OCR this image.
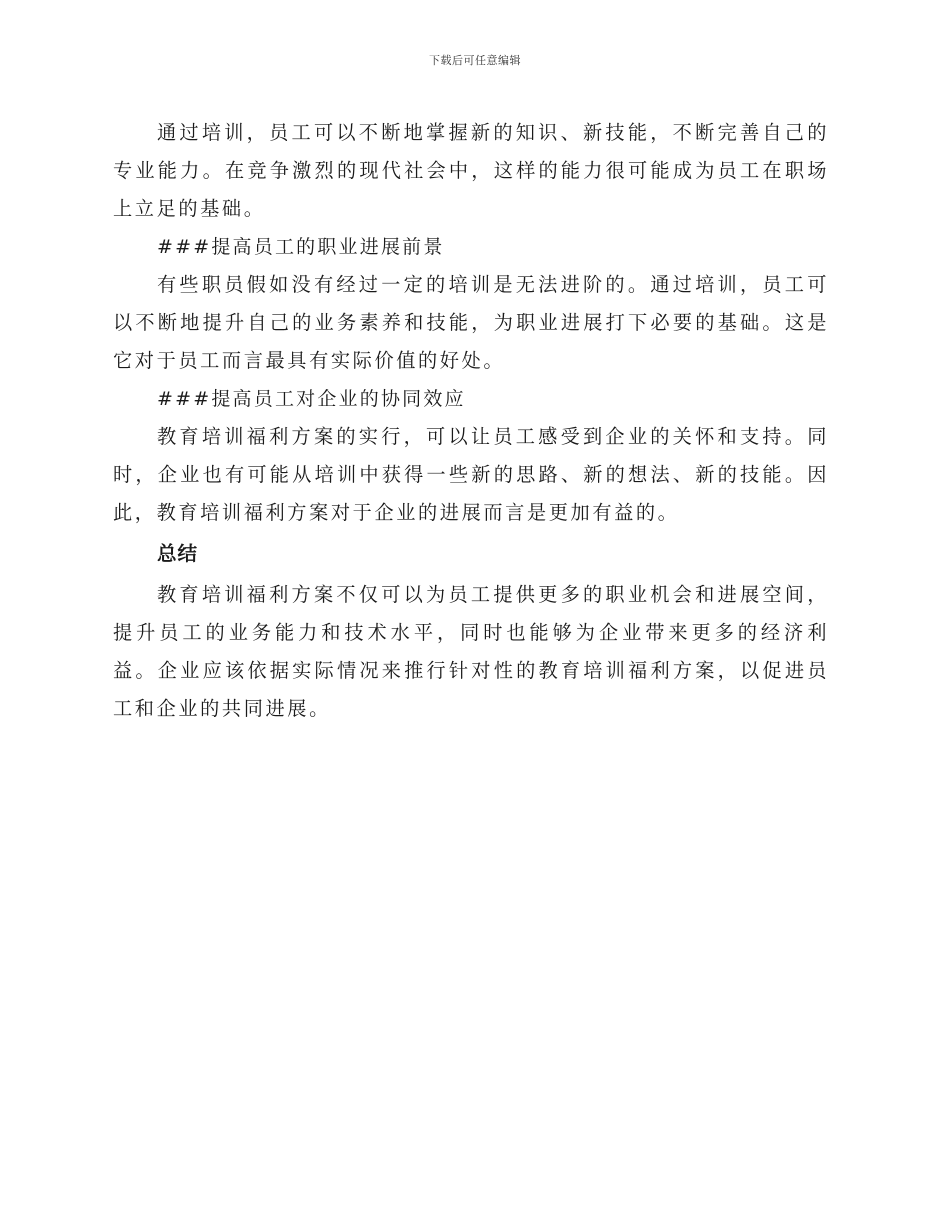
下载后可任意编辑

通过培训，员工可以不断地掌握新的知识、新技能，不断完善自己的专业能力。在竞争激烈的现代社会中，这样的能力很可能成为员工在职场上立足的基础。

###提高员工的职业进展前景

有些职员假如没有经过一定的培训是无法进阶的。通过培训，员工可以不断地提升自己的业务素养和技能，为职业进展打下必要的基础。这是它对于员工而言最具有实际价值的好处。

###提高员工对企业的协同效应

教育培训福利方案的实行，可以让员工感受到企业的关怀和支持。同时，企业也有可能从培训中获得一些新的思路、新的想法、新的技能。因此，教育培训福利方案对于企业的进展而言是更加有益的。

总结

教育培训福利方案不仅可以为员工提供更多的职业机会和进展空间，提升员工的业务能力和技术水平，同时也能够为企业带来更多的经济利益。企业应该依据实际情况来推行针对性的教育培训福利方案，以促进员工和企业的共同进展。
